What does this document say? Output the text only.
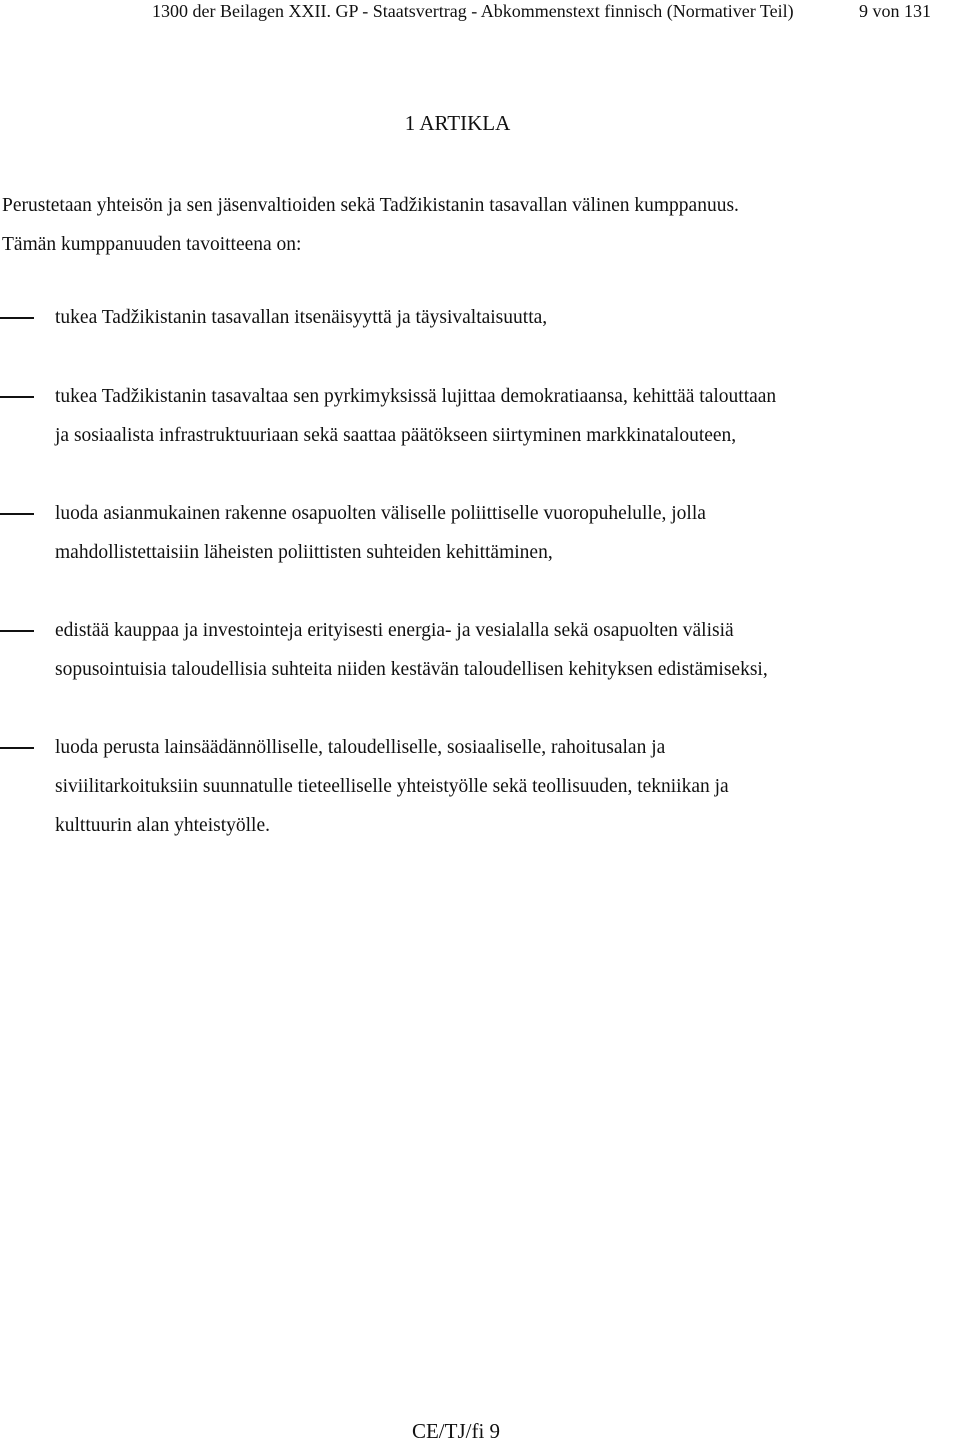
1300 der Beilagen XXII. GP - Staatsvertrag - Abkommenstext finnisch (Normativer Teil)	9 von 131
1 ARTIKLA

Perustetaan yhteisön ja sen jäsenvaltioiden sekä Tadžikistanin tasavallan välinen kumppanuus.

Tämän kumppanuuden tavoitteena on:

tukea Tadžikistanin tasavallan itsenäisyyttä ja täysivaltaisuutta,
tukea Tadžikistanin tasavaltaa sen pyrkimyksissä lujittaa demokratiaansa, kehittää talouttaan
ja sosiaalista infrastruktuuriaan sekä saattaa päätökseen siirtyminen markkinatalouteen,
luoda asianmukainen rakenne osapuolten väliselle poliittiselle vuoropuhelulle, jolla
mahdollistettaisiin läheisten poliittisten suhteiden kehittäminen,
edistää kauppaa ja investointeja erityisesti energia- ja vesialalla sekä osapuolten välisiä
sopusointuisia taloudellisia suhteita niiden kestävän taloudellisen kehityksen edistämiseksi,
luoda perusta lainsäädännölliselle, taloudelliselle, sosiaaliselle, rahoitusalan ja
siviilitarkoituksiin suunnatulle tieteelliselle yhteistyölle sekä teollisuuden, tekniikan ja
kulttuurin alan yhteistyölle.
CE/TJ/fi 9
